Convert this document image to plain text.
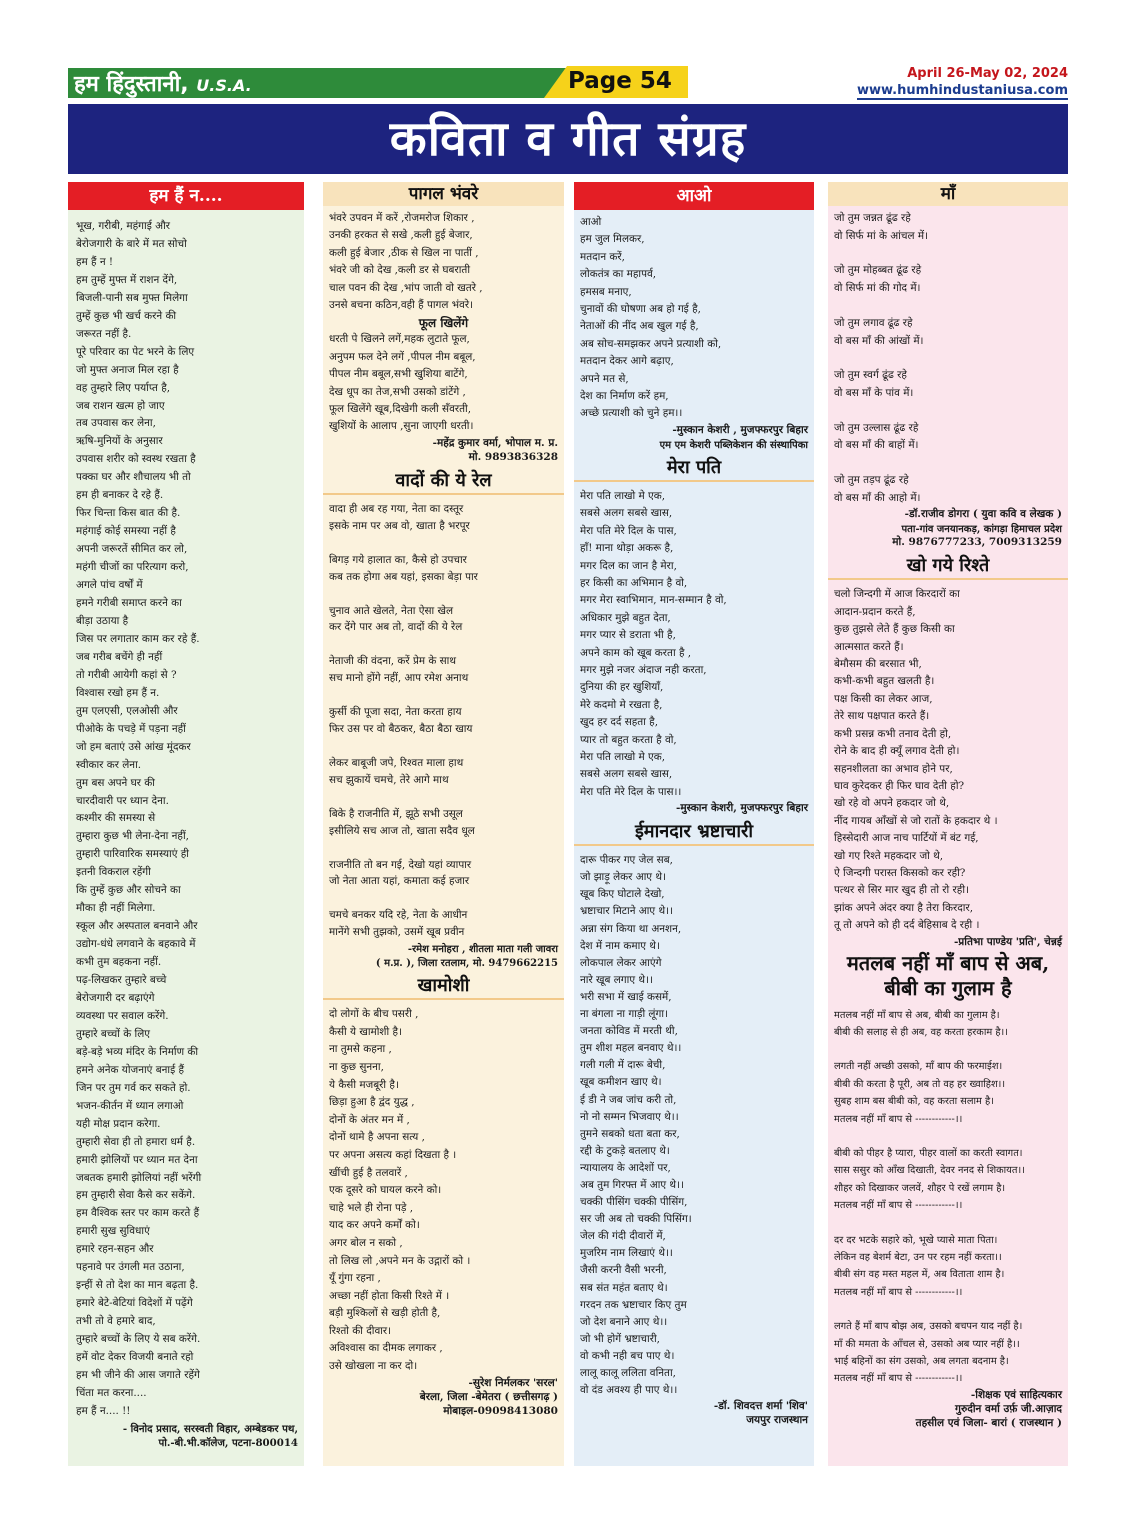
हम हिंदुस्तानी, U.S.A.	Page 54	April 26-May 02, 2024
www.humhindustaniusa.com
कविता व गीत संग्रह
हम हैं न....
भूख, गरीबी, महंगाई और
बेरोजगारी के बारे में मत सोचो
हम हैं न !
हम तुम्हें मुफ्त में राशन देंगे,
बिजली-पानी सब मुफ्त मिलेगा
तुम्हें कुछ भी खर्च करने की
जरूरत नहीं है.
पूरे परिवार का पेट भरने के लिए
जो मुफ्त अनाज मिल रहा है
वह तुम्हारे लिए पर्याप्त है,
जब राशन खत्म हो जाए
तब उपवास कर लेना,
ऋषि-मुनियों के अनुसार
उपवास शरीर को स्वस्थ रखता है
पक्का घर और शौचालय भी तो
हम ही बनाकर दे रहे हैं.
फिर चिन्ता किस बात की है.
महंगाई कोई समस्या नहीं है
अपनी जरूरतें सीमित कर लो,
महंगी चीजों का परित्याग करो,
अगले पांच वर्षों में
हमने गरीबी समाप्त करने का
बीड़ा उठाया है
जिस पर लगातार काम कर रहे हैं.
जब गरीब बचेंगे ही नहीं
तो गरीबी आयेगी कहां से ?
विश्वास रखो हम हैं न.
तुम एलएसी, एलओसी और
पीओके के पचड़े में पड़ना नहीं
जो हम बताएं उसे आंख मूंदकर
स्वीकार कर लेना.
तुम बस अपने घर की
चारदीवारी पर ध्यान देना.
कश्मीर की समस्या से
तुम्हारा कुछ भी लेना-देना नहीं,
तुम्हारी पारिवारिक समस्याएं ही
इतनी विकराल रहेंगी
कि तुम्हें कुछ और सोचने का
मौका ही नहीं मिलेगा.
स्कूल और अस्पताल बनवाने और
उद्योग-धंधे लगवाने के बहकावे में
कभी तुम बहकना नहीं.
पढ़-लिखकर तुम्हारे बच्चे
बेरोजगारी दर बढ़ाएंगे
व्यवस्था पर सवाल करेंगे.
तुम्हारे बच्चों के लिए
बड़े-बड़े भव्य मंदिर के निर्माण की
हमने अनेक योजनाएं बनाई हैं
जिन पर तुम गर्व कर सकते हो.
भजन-कीर्तन में ध्यान लगाओ
यही मोक्ष प्रदान करेगा.
तुम्हारी सेवा ही तो हमारा धर्म है.
हमारी झोलियों पर ध्यान मत देना
जबतक हमारी झोलियां नहीं भरेंगी
हम तुम्हारी सेवा कैसे कर सकेंगे.
हम वैश्विक स्तर पर काम करते हैं
हमारी सुख सुविधाएं
हमारे रहन-सहन और
पहनावे पर उंगली मत उठाना,
इन्हीं से तो देश का मान बढ़ता है.
हमारे बेटे-बेटियां विदेशों में पढ़ेंगे
तभी तो वे हमारे बाद,
तुम्हारे बच्चों के लिए ये सब करेंगे.
हमें वोट देकर विजयी बनाते रहो
हम भी जीने की आस जगाते रहेंगे
चिंता मत करना....
हम हैं न.... !!
- विनोद प्रसाद, सरस्वती विहार, अम्बेडकर पथ,
पो.-बी.भी.कॉलेज, पटना-800014
पागल भंवरे
भंवरे उपवन में करें ,रोजमरोज शिकार ,
उनकी हरकत से सखे ,कली हुई बेजार,
कली हुई बेजार ,ठीक से खिल ना पातीं ,
भंवरे जी को देख ,कली डर से घबराती
चाल पवन की देख ,भांप जाती वो खतरे ,
उनसे बचना कठिन,वही हैं पागल भंवरे।
फूल खिलेंगे
धरती पे खिलने लगें,महक लुटाते फूल,
अनुपम फल देने लगें ,पीपल नीम बबूल,
पीपल नीम बबूल,सभी खुशिया बाटेंगे,
देख धूप का तेज,सभी उसको डांटेंगे ,
फूल खिलेंगे खूब,दिखेगी कली सँवरती,
खुशियों के आलाप ,सुना जाएगी धरती।
-महेंद्र कुमार वर्मा, भोपाल म. प्र.
मो. 9893836328
वादों की ये रेल
वादा ही अब रह गया, नेता का दस्तूर
इसके नाम पर अब वो, खाता है भरपूर
बिगड़ गये हालात का, कैसे हो उपचार
कब तक होगा अब यहां, इसका बेड़ा पार
चुनाव आते खेलते, नेता ऐसा खेल
कर देंगे पार अब तो, वादों की ये रेल
नेताजी की वंदना, करें प्रेम के साथ
सच मानो होंगे नहीं, आप रमेश अनाथ
कुर्सी की पूजा सदा, नेता करता हाय
फिर उस पर वो बैठकर, बैठा बैठा खाय
लेकर बाबूजी जपे, रिश्वत माला हाथ
सच झुकायें चमचे, तेरे आगे माथ
बिके है राजनीति में, झूठे सभी उसूल
इसीलिये सच आज तो, खाता सदैव धूल
राजनीति तो बन गई, देखो यहां व्यापार
जो नेता आता यहां, कमाता कई हजार
चमचे बनकर यदि रहे, नेता के आधीन
मानेंगे सभी तुझको, उसमें खूब प्रवीन
-रमेश मनोहरा , शीतला माता गली जावरा
( म.प्र. ), जिला रतलाम, मो. 9479662215
खामोशी
दो लोगों के बीच पसरी ,
कैसी ये खामोशी है।
ना तुमसे कहना ,
ना कुछ सुनना,
ये कैसी मजबूरी है।
छिड़ा हुआ है द्वंद युद्ध ,
दोनों के अंतर मन में ,
दोनों थामे है अपना सत्य ,
पर अपना असत्य कहां दिखता है ।
खींची हुई है तलवारें ,
एक दूसरे को घायल करने को।
चाहे भले ही रोना पड़े ,
याद कर अपने कर्मों को।
अगर बोल न सको ,
तो लिख लो ,अपने मन के उद्गारों को ।
यूँ गुंगा रहना ,
अच्छा नहीं होता किसी रिश्ते में ।
बड़ी मुश्किलों से खड़ी होती है,
रिश्तो की दीवार।
अविश्वास का दीमक लगाकर ,
उसे खोखला ना कर दो।
-सुरेश निर्मलकर 'सरल'
बेरला, जिला -बेमेतरा ( छत्तीसगढ़ )
मोबाइल-09098413080
आओ
आओ
हम जुल मिलकर,
मतदान करें,
लोकतंत्र का महापर्व,
हमसब मनाए,
चुनावों की घोषणा अब हो गई है,
नेताओं की नींद अब खुल गई है,
अब सोच-समझकर अपने प्रत्याशी को,
मतदान देकर आगे बढ़ाए,
अपने मत से,
देश का निर्माण करें हम,
अच्छे प्रत्याशी को चुने हम।।
-मुस्कान केशरी , मुजफ्फरपुर बिहार
एम एम केशरी पब्लिकेशन की संस्थापिका
मेरा पति
मेरा पति लाखो मे एक,
सबसे अलग सबसे खास,
मेरा पति मेरे दिल के पास,
हाँ! माना थोड़ा अकरू है,
मगर दिल का जान है मेरा,
हर किसी का अभिमान है वो,
मगर मेरा स्वाभिमान, मान-सम्मान है वो,
अधिकार मुझे बहुत देता,
मगर प्यार से डराता भी है,
अपने काम को खूब करता है ,
मगर मुझे नजर अंदाज नही करता,
दुनिया की हर खुशियाँ,
मेरे कदमो मे रखता है,
खुद हर दर्द सहता है,
प्यार तो बहुत करता है वो,
मेरा पति लाखो मे एक,
सबसे अलग सबसे खास,
मेरा पति मेरे दिल के पास।।
-मुस्कान केशरी, मुजफ्फरपुर बिहार
ईमानदार भ्रष्टाचारी
दारू पीकर गए जेल सब,
जो झाड़ू लेकर आए थे।
खूब किए घोटाले देखो,
भ्रष्टाचार मिटाने आए थे।।
अन्ना संग किया था अनशन,
देश में नाम कमाए थे।
लोकपाल लेकर आएंगे
नारे खूब लगाए थे।।
भरी सभा में खाई कसमें,
ना बंगला ना गाड़ी लूंगा।
जनता कोविड में मरती थी,
तुम शीश महल बनवाए थे।।
गली गली में दारू बेची,
खूब कमीशन खाए थे।
ई डी ने जब जांच करी तो,
नो नो सम्मन भिजवाए थे।।
तुमने सबको धता बता कर,
रद्दी के टुकड़े बतलाए थे।
न्यायालय के आदेशों पर,
अब तुम गिरफ्त में आए थे।।
चक्की पीसिंग चक्की पीसिंग,
सर जी अब तो चक्की पिसिंग।
जेल की गंदी दीवारों में,
मुजरिम नाम लिखाएं थे।।
जैसी करनी वैसी भरनी,
सब संत महंत बताए थे।
गरदन तक भ्रष्टाचार किए तुम
जो देश बनाने आए थे।।
जो भी होगें भ्रष्टाचारी,
वो कभी नही बच पाए थे।
लालू कालू ललिता वनिता,
वो दंड अवश्य ही पाए थे।।
-डॉ. शिवदत्त शर्मा 'शिव'
जयपुर राजस्थान
माँ
जो तुम जन्नत ढूंढ रहे
वो सिर्फ मां के आंचल में।
जो तुम मोहब्बत ढूंढ रहे
वो सिर्फ मां की गोद में।
जो तुम लगाव ढूंढ रहे
वो बस माँ की आंखों में।
जो तुम स्वर्ग ढूंढ रहे
वो बस माँ के पांव में।
जो तुम उल्लास ढूंढ रहे
वो बस माँ की बाहों में।
जो तुम तड़प ढूंढ रहे
वो बस माँ की आहो में।
-डॉ.राजीव डोगरा ( युवा कवि व लेखक )
पता-गांव जनयानकड़, कांगड़ा हिमाचल प्रदेश
मो. 9876777233, 7009313259
खो गये रिश्ते
चलो जिन्दगी में आज किरदारों का
आदान-प्रदान करते हैं,
कुछ तुझसे लेते हैं कुछ किसी का
आत्मसात करते हैं।
बेमौसम की बरसात भी,
कभी-कभी बहुत खलती है।
पक्ष किसी का लेकर आज,
तेरे साथ पक्षपात करते हैं।
कभी प्रसन्न कभी तनाव देती हो,
रोने के बाद ही क्यूँ लगाव देती हो।
सहनशीलता का अभाव होने पर,
घाव कुरेदकर ही फिर घाव देती हो?
खो रहे वो अपने हकदार जो थे,
नींद गायब आँखों से जो रातों के हकदार थे ।
हिस्सेदारी आज नाच पार्टियों में बंट गई,
खो गए रिश्ते महकदार जो थे,
ऐ जिन्दगी परास्त किसको कर रही?
पत्थर से सिर मार खुद ही तो रो रही।
झांक अपने अंदर क्या है तेरा किरदार,
तू तो अपने को ही दर्द बेहिसाब दे रही ।
-प्रतिभा पाण्डेय 'प्रति', चेन्नई
मतलब नहीं माँ बाप से अब,
बीबी का गुलाम है
मतलब नहीं माँ बाप से अब, बीबी का गुलाम है।
बीबी की सलाह से ही अब, वह करता हरकाम है।।
लगती नहीं अच्छी उसको, माँ बाप की फरमाईश।
बीबी की करता है पूरी, अब तो वह हर ख्वाहिश।।
सुबह शाम बस बीबी को, वह करता सलाम है।
मतलब नहीं माँ बाप से ------------।।
बीबी को पीहर है प्यारा, पीहर वालों का करती स्वागत।
सास ससुर को आँख दिखाती, देवर ननद से शिकायत।।
शौहर को दिखाकर जलवें, शौहर पे रखें लगाम है।
मतलब नहीं माँ बाप से ------------।।
दर दर भटके सहारे को, भूखे प्यासे माता पिता।
लेकिन वह बेशर्म बेटा, उन पर रहम नहीं करता।।
बीबी संग वह मस्त महल में, अब विताता शाम है।
मतलब नहीं माँ बाप से ------------।।
लगते हैं माँ बाप बोझ अब, उसको बचपन याद नहीं है।
माँ की ममता के आँचल से, उसको अब प्यार नहीं है।।
भाई बहिनों का संग उसको, अब लगता बदनाम है।
मतलब नहीं माँ बाप से ------------।।
-शिक्षक एवं साहित्यकार
गुरुदीन वर्मा उर्फ़ जी.आज़ाद
तहसील एवं जिला- बारां ( राजस्थान )
